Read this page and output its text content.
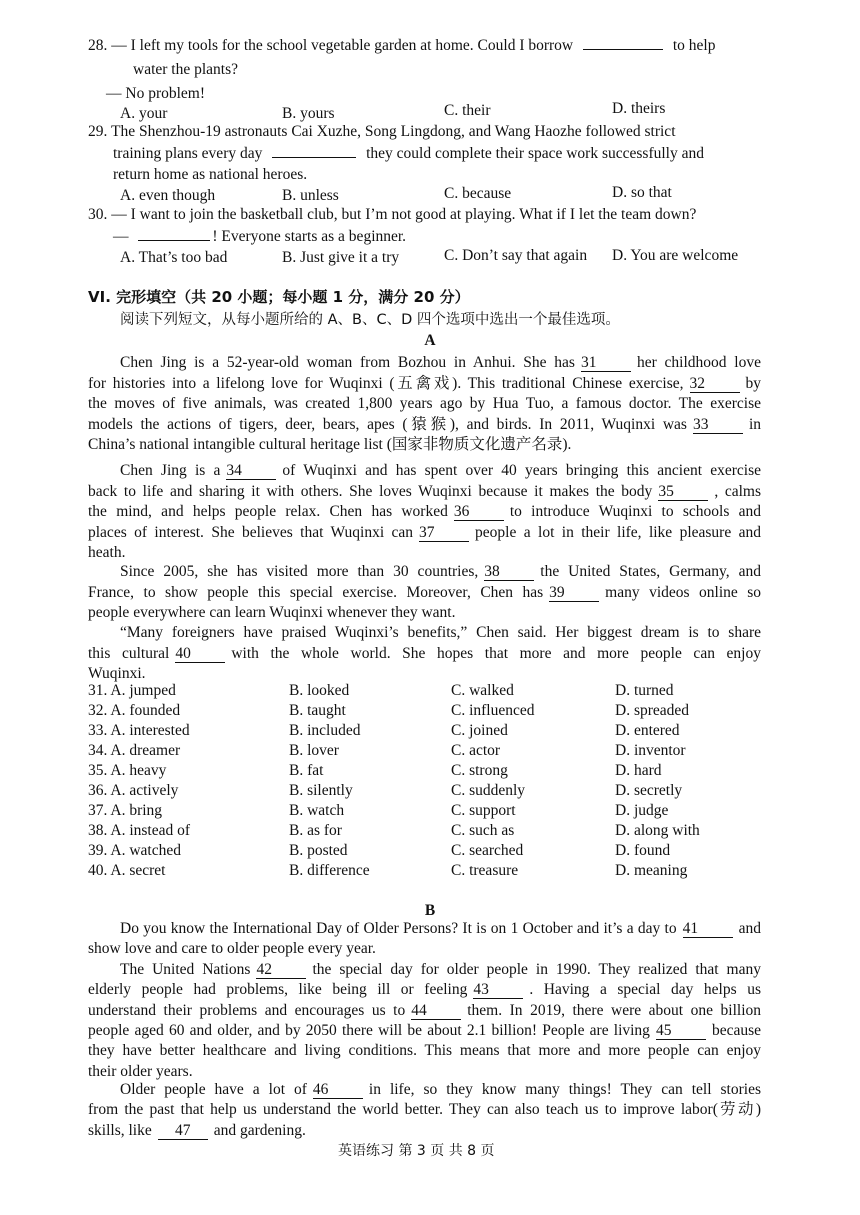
28. — I left my tools for the school vegetable garden at home. Could I borrow	to help
water the plants?
— No problem!
A. your	B. yours	C. their	D. theirs
29. The Shenzhou-19 astronauts Cai Xuzhe, Song Lingdong, and Wang Haozhe followed strict
training plans every day	they could complete their space work successfully and
return home as national heroes.
A. even though	B. unless	C. because	D. so that
30. — I want to join the basketball club, but I’m not good at playing. What if I let the team down?
—	! Everyone starts as a beginner.
A. That’s too bad	B. Just give it a try	C. Don’t say that again D. You are welcome
VI. 完形填空（共 20 小题；每小题 1 分，满分 20 分）
阅读下列短文，从每小题所给的 A、B、C、D 四个选项中选出一个最佳选项。
A
Chen Jing is a 52-year-old woman from Bozhou in Anhui. She has 31	her childhood love
for histories into a lifelong love for Wuqinxi (五禽戏). This traditional Chinese exercise, 32	by
the moves of five animals, was created 1,800 years ago by Hua Tuo, a famous doctor. The exercise
models the actions of tigers, deer, bears, apes (猿猴), and birds. In 2011, Wuqinxi was 33	in
China’s national intangible cultural heritage list (国家非物质文化遗产名录).
Chen Jing is a 34	of Wuqinxi and has spent over 40 years bringing this ancient exercise
back to life and sharing it with others. She loves Wuqinxi because it makes the body 35	, calms
the mind, and helps people relax. Chen has worked 36	to introduce Wuqinxi to schools and
places of interest. She believes that Wuqinxi can 37	people a lot in their life, like pleasure and
heath.
Since 2005, she has visited more than 30 countries, 38	the United States, Germany, and
France, to show people this special exercise. Moreover, Chen has 39	many videos online so
people everywhere can learn Wuqinxi whenever they want.
“Many foreigners have praised Wuqinxi’s benefits,” Chen said. Her biggest dream is to share
this cultural 40	with the whole world. She hopes that more and more people can enjoy
Wuqinxi.
31. A. jumped	B. looked	C. walked	D. turned
32. A. founded	B. taught	C. influenced	D. spreaded
33. A. interested	B. included	C. joined	D. entered
34. A. dreamer	B. lover	C. actor	D. inventor
35. A. heavy	B. fat	C. strong	D. hard
36. A. actively	B. silently	C. suddenly	D. secretly
37. A. bring	B. watch	C. support	D. judge
38. A. instead of	B. as for	C. such as	D. along with
39. A. watched	B. posted	C. searched	D. found
40. A. secret	B. difference	C. treasure	D. meaning
B
Do you know the International Day of Older Persons? It is on 1 October and it’s a day to 41	and
show love and care to older people every year.
The United Nations 42	the special day for older people in 1990. They realized that many
elderly people had problems, like being ill or feeling 43	. Having a special day helps us
understand their problems and encourages us to 44	them. In 2019, there were about one billion
people aged 60 and older, and by 2050 there will be about 2.1 billion! People are living 45	because
they have better healthcare and living conditions. This means that more and more people can enjoy
their older years.
Older people have a lot of 46	in life, so they know many things! They can tell stories
from the past that help us understand the world better. They can also teach us to improve labor(劳动)
skills, like 47 and gardening.
英语练习 第 3 页 共 8 页
